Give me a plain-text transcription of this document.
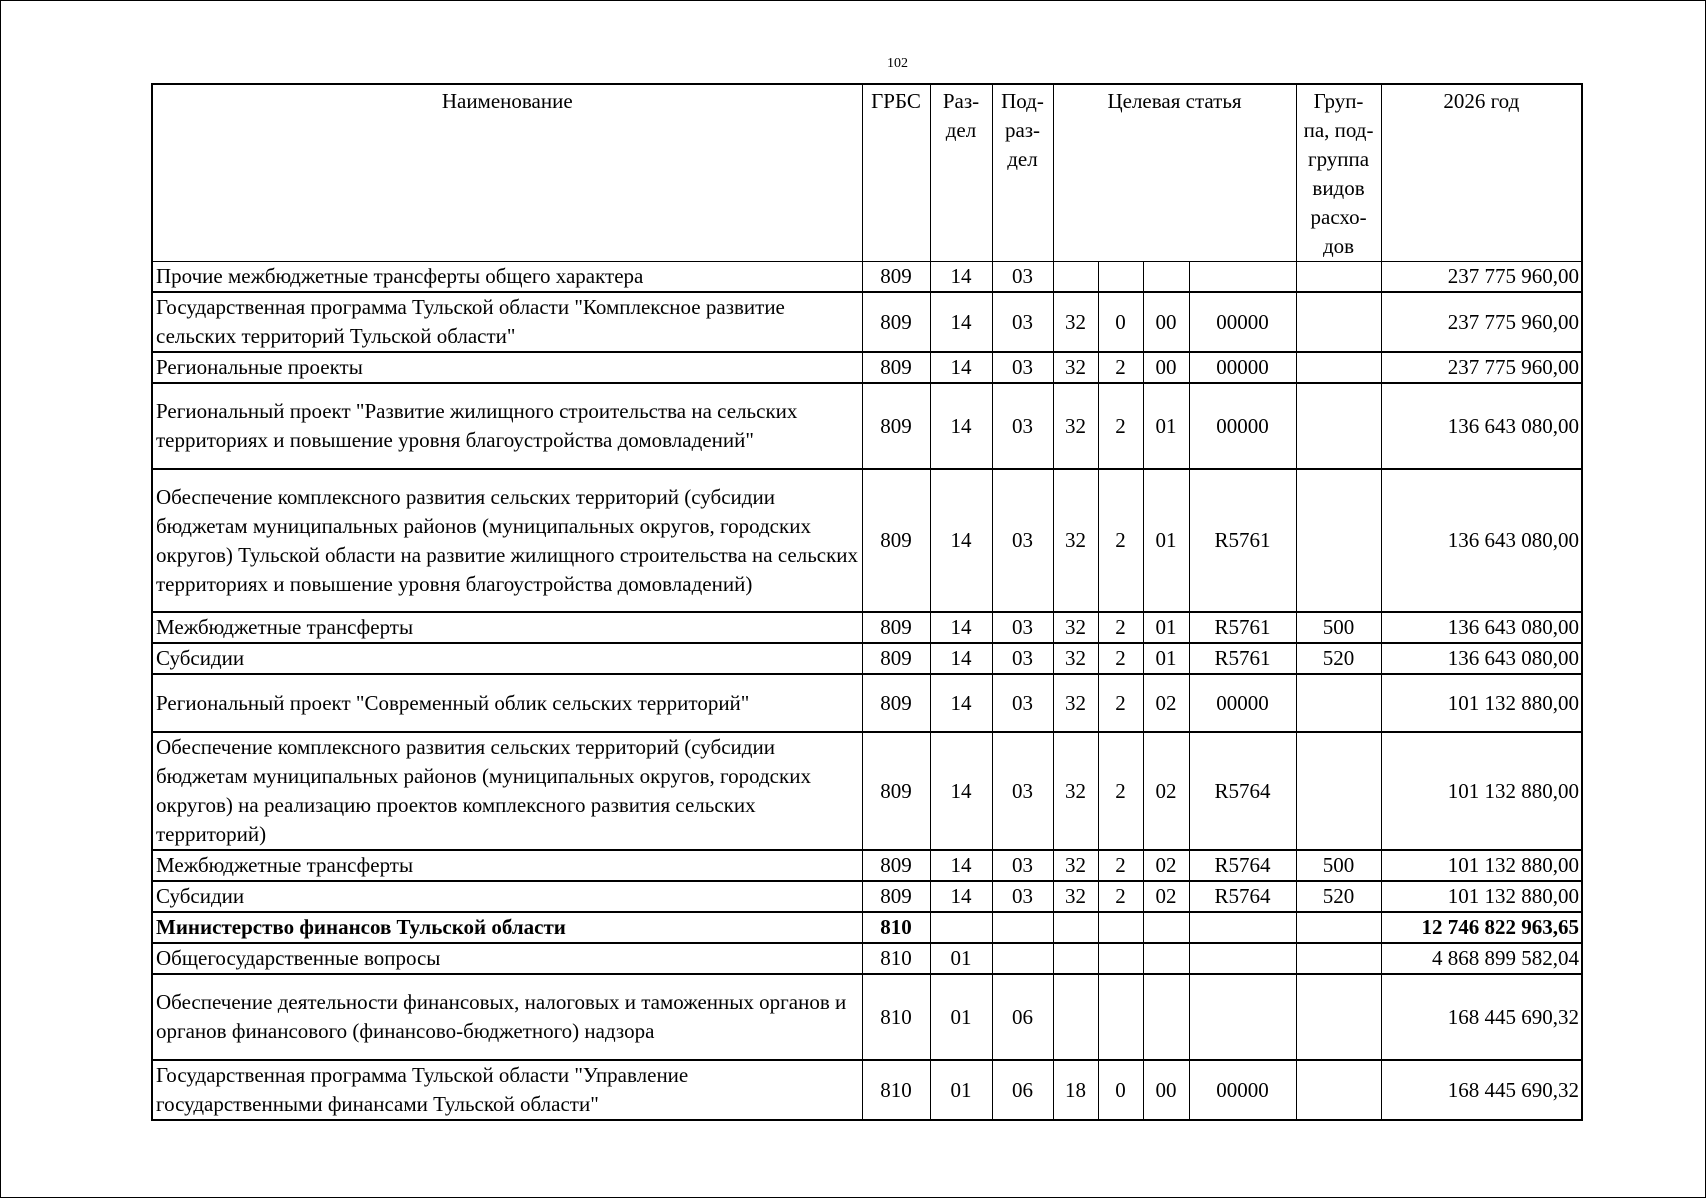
102
Наименование	ГРБС	Раз- дел	Под- раз- дел	Целевая статья				Груп- па, под- группа видов расхо- дов	2026 год
Прочие межбюджетные трансферты общего характера	809	14	03						237 775 960,00
Государственная программа Тульской области "Комплексное развитие сельских территорий Тульской области"	809	14	03	32	0	00	00000		237 775 960,00
Региональные проекты	809	14	03	32	2	00	00000		237 775 960,00
Региональный проект "Развитие жилищного строительства на сельских территориях и повышение уровня благоустройства домовладений"	809	14	03	32	2	01	00000		136 643 080,00
Обеспечение комплексного развития сельских территорий (субсидии бюджетам муниципальных районов (муниципальных округов, городских округов) Тульской области на развитие жилищного строительства на сельских территориях и повышение уровня благоустройства домовладений)	809	14	03	32	2	01	R5761		136 643 080,00
Межбюджетные трансферты	809	14	03	32	2	01	R5761	500	136 643 080,00
Субсидии	809	14	03	32	2	01	R5761	520	136 643 080,00
Региональный проект "Современный облик сельских территорий"	809	14	03	32	2	02	00000		101 132 880,00
Обеспечение комплексного развития сельских территорий (субсидии бюджетам муниципальных районов (муниципальных округов, городских округов) на реализацию проектов комплексного развития сельских территорий)	809	14	03	32	2	02	R5764		101 132 880,00
Межбюджетные трансферты	809	14	03	32	2	02	R5764	500	101 132 880,00
Субсидии	809	14	03	32	2	02	R5764	520	101 132 880,00
Министерство финансов Тульской области	810								12 746 822 963,65
Общегосударственные вопросы	810	01							4 868 899 582,04
Обеспечение деятельности финансовых, налоговых и таможенных органов и органов финансового (финансово-бюджетного) надзора	810	01	06						168 445 690,32
Государственная программа Тульской области "Управление государственными финансами Тульской области"	810	01	06	18	0	00	00000		168 445 690,32
